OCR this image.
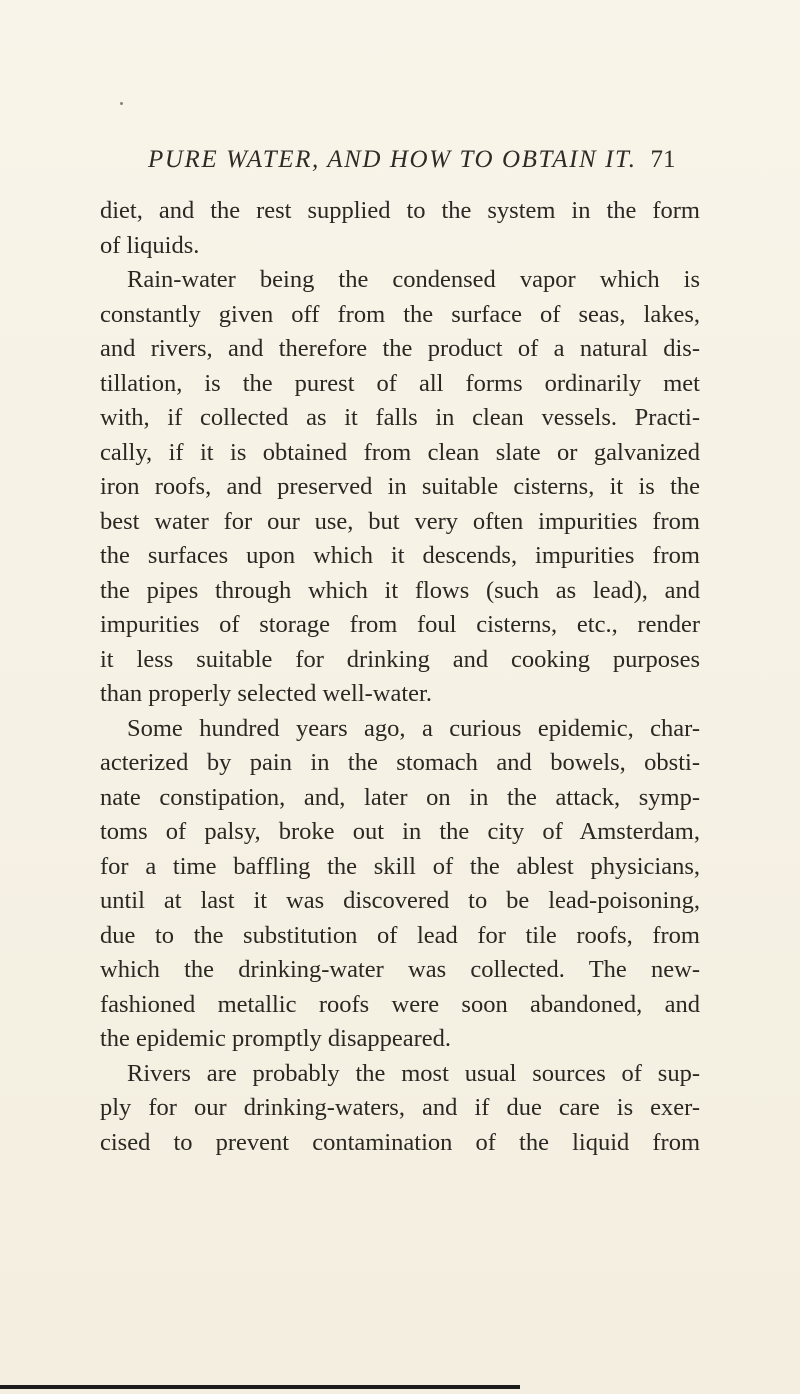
PURE WATER, AND HOW TO OBTAIN IT. 71
diet, and the rest supplied to the system in the form
of liquids.
Rain-water being the condensed vapor which is
constantly given off from the surface of seas, lakes,
and rivers, and therefore the product of a natural dis-
tillation, is the purest of all forms ordinarily met
with, if collected as it falls in clean vessels. Practi-
cally, if it is obtained from clean slate or galvanized
iron roofs, and preserved in suitable cisterns, it is the
best water for our use, but very often impurities from
the surfaces upon which it descends, impurities from
the pipes through which it flows (such as lead), and
impurities of storage from foul cisterns, etc., render
it less suitable for drinking and cooking purposes
than properly selected well-water.
Some hundred years ago, a curious epidemic, char-
acterized by pain in the stomach and bowels, obsti-
nate constipation, and, later on in the attack, symp-
toms of palsy, broke out in the city of Amsterdam,
for a time baffling the skill of the ablest physicians,
until at last it was discovered to be lead-poisoning,
due to the substitution of lead for tile roofs, from
which the drinking-water was collected. The new-
fashioned metallic roofs were soon abandoned, and
the epidemic promptly disappeared.
Rivers are probably the most usual sources of sup-
ply for our drinking-waters, and if due care is exer-
cised to prevent contamination of the liquid from
